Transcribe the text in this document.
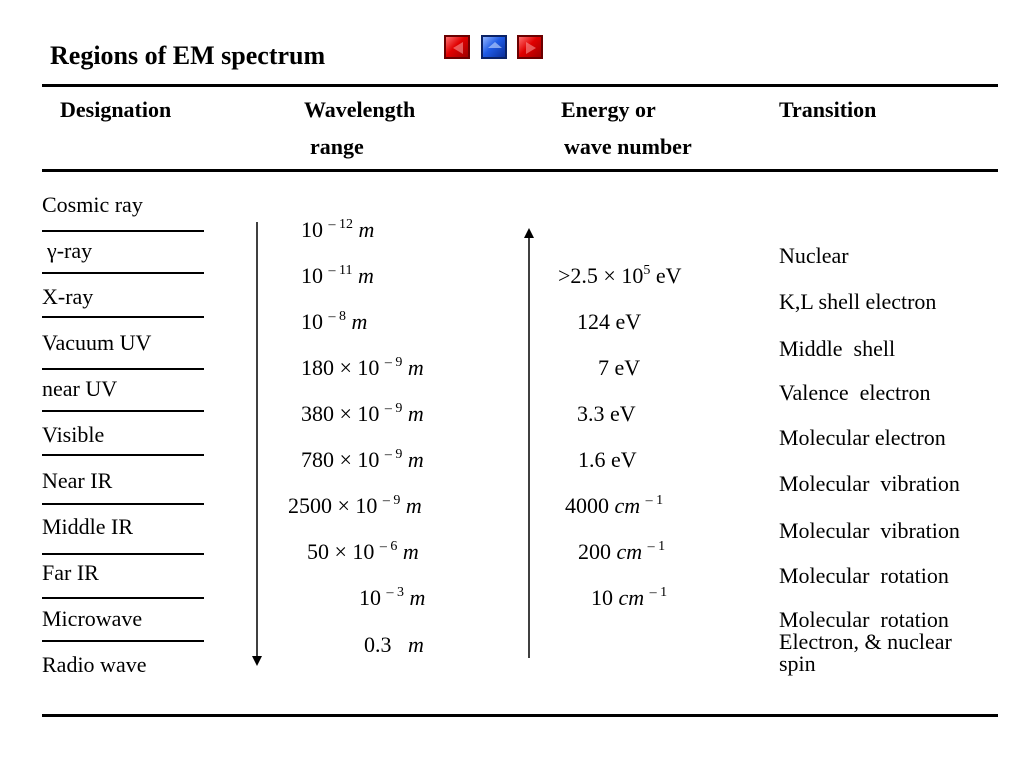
Regions of EM spectrum
Designation	Wavelength
range
Energy or
wave number
Transition
Cosmic ray
γ-ray
X-ray
Vacuum UV
near UV
Visible
Near IR
Middle IR
Far IR
Microwave
Radio wave
10 $^{- 12}$ m
10 $^{- 11}$ m
10 $^{- 8}$ m
180 × 10 $^{- 9}$ m
380 × 10 $^{- 9}$ m
780 × 10 $^{- 9}$ m
2500 × 10 $^{- 9}$ m
50 × 10 $^{- 6}$ m
10 $^{- 3}$ m
0.3 m
$>2.5 \times 10^5$ eV
124 eV
7 eV
3.3 eV
1.6 eV
4000 cm $^{- 1}$
200 cm $^{- 1}$
10 cm $^{- 1}$
Nuclear
K,L shell electron
Middle  shell
Valence  electron
Molecular electron
Molecular  vibration
Molecular  vibration
Molecular  rotation
Molecular  rotation
Electron, & nuclear
spin
